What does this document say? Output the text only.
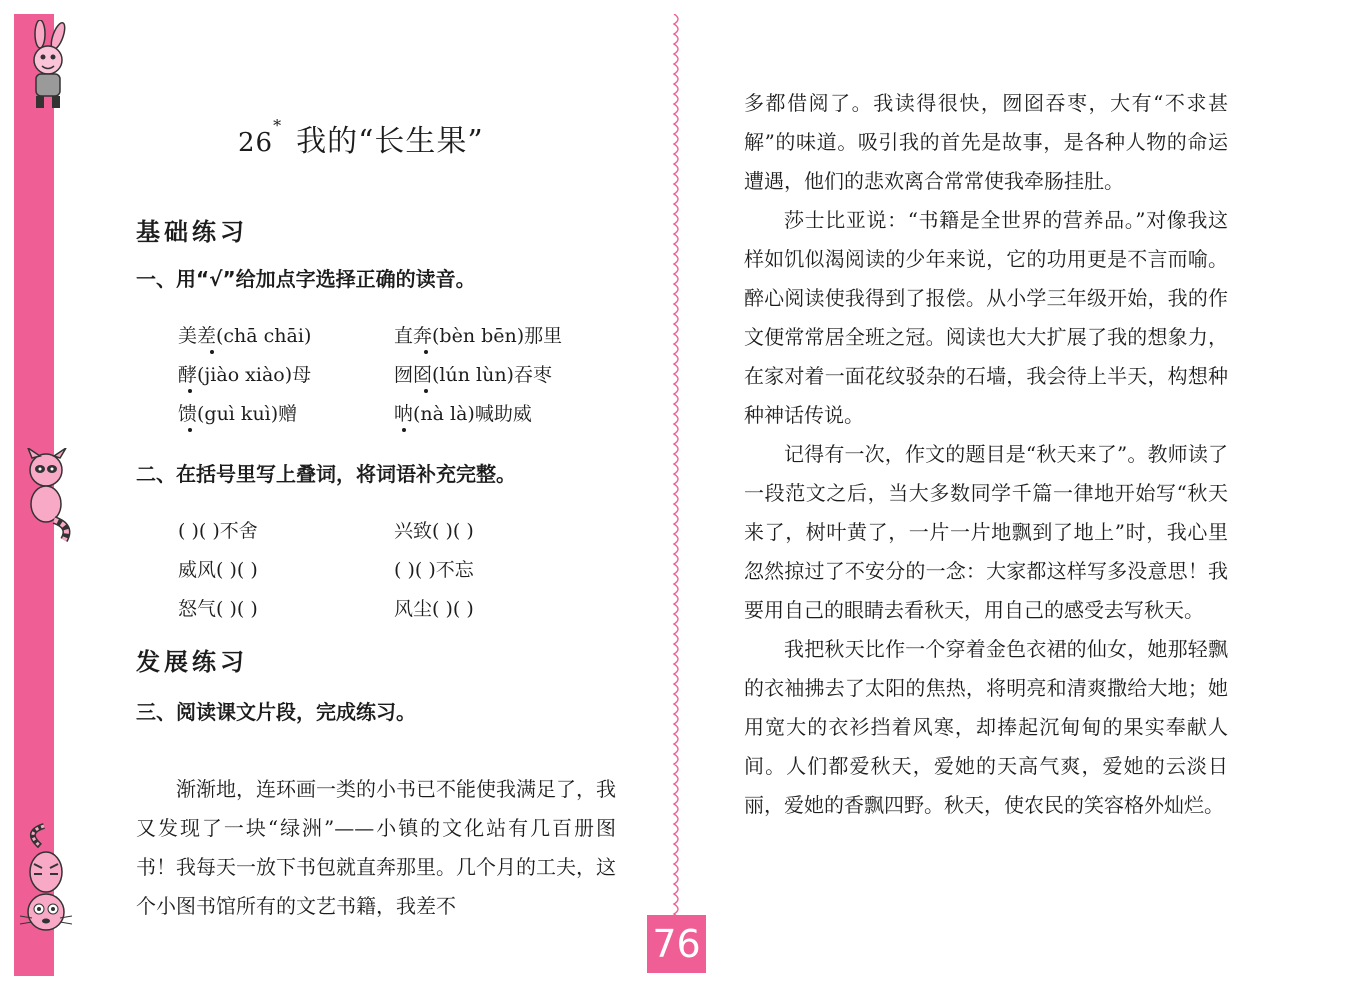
26* 我的“长生果”
基础练习
一、用“√”给加点字选择正确的读音。
美差(chā chāi)	直奔(bèn bēn)那里
酵(jiào xiào)母	囫囵(lún lùn)吞枣
馈(guì kuì)赠	呐(nà là)喊助威
二、在括号里写上叠词，将词语补充完整。
( )( )不舍	兴致( )( )
威风( )( )	( )( )不忘
怒气( )( )	风尘( )( )
发展练习
三、阅读课文片段，完成练习。

渐渐地，连环画一类的小书已不能使我满足了，我又发现了一块“绿洲”——小镇的文化站有几百册图书！我每天一放下书包就直奔那里。几个月的工夫，这个小图书馆所有的文艺书籍，我差不

多都借阅了。我读得很快，囫囵吞枣，大有“不求甚解”的味道。吸引我的首先是故事，是各种人物的命运遭遇，他们的悲欢离合常常使我牵肠挂肚。

莎士比亚说：“书籍是全世界的营养品。”对像我这样如饥似渴阅读的少年来说，它的功用更是不言而喻。醉心阅读使我得到了报偿。从小学三年级开始，我的作文便常常居全班之冠。阅读也大大扩展了我的想象力，在家对着一面花纹驳杂的石墙，我会待上半天，构想种种神话传说。

记得有一次，作文的题目是“秋天来了”。教师读了一段范文之后，当大多数同学千篇一律地开始写“秋天来了，树叶黄了，一片一片地飘到了地上”时，我心里忽然掠过了不安分的一念：大家都这样写多没意思！我要用自己的眼睛去看秋天，用自己的感受去写秋天。

我把秋天比作一个穿着金色衣裙的仙女，她那轻飘的衣袖拂去了太阳的焦热，将明亮和清爽撒给大地；她用宽大的衣衫挡着风寒，却捧起沉甸甸的果实奉献人间。人们都爱秋天，爱她的天高气爽，爱她的云淡日丽，爱她的香飘四野。秋天，使农民的笑容格外灿烂。

76
